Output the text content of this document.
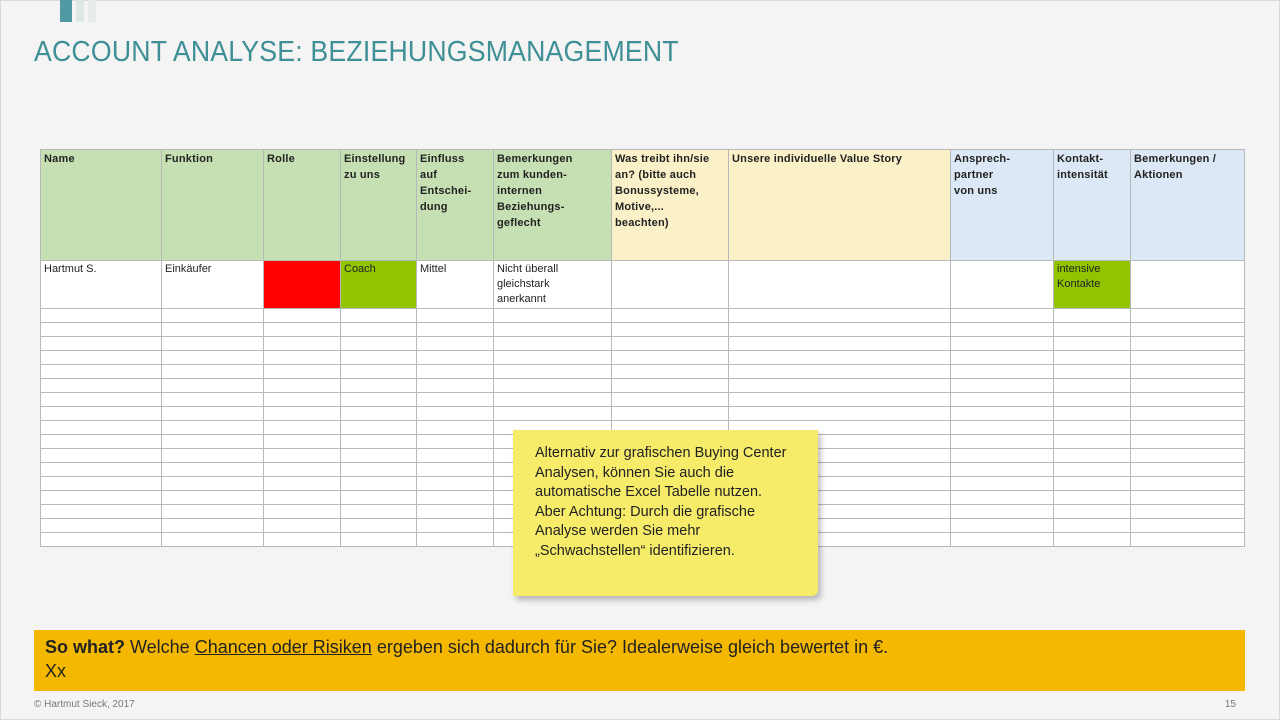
ACCOUNT ANALYSE: BEZIEHUNGSMANAGEMENT
Name	Funktion	Rolle	Einstellung
zu uns	Einfluss
auf
Entschei-
dung	Bemerkungen
zum kunden-
internen
Beziehungs-
geflecht	Was treibt ihn/sie
an? (bitte auch
Bonussysteme,
Motive,...
beachten)	Unsere individuelle Value Story	Ansprech-
partner
von uns	Kontakt-
intensität	Bemerkungen /
Aktionen
Hartmut S.	Einkäufer	?	Coach	Mittel	Nicht überall
gleichstark
anerkannt				intensive
Kontakte	

Alternativ zur grafischen Buying Center Analysen, können Sie auch die automatische Excel Tabelle nutzen.
Aber Achtung: Durch die grafische Analyse werden Sie mehr „Schwachstellen“ identifizieren.
So what? Welche Chancen oder Risiken ergeben sich dadurch für Sie? Idealerweise gleich bewertet in €.
Xx
© Hartmut Sieck, 2017	15
